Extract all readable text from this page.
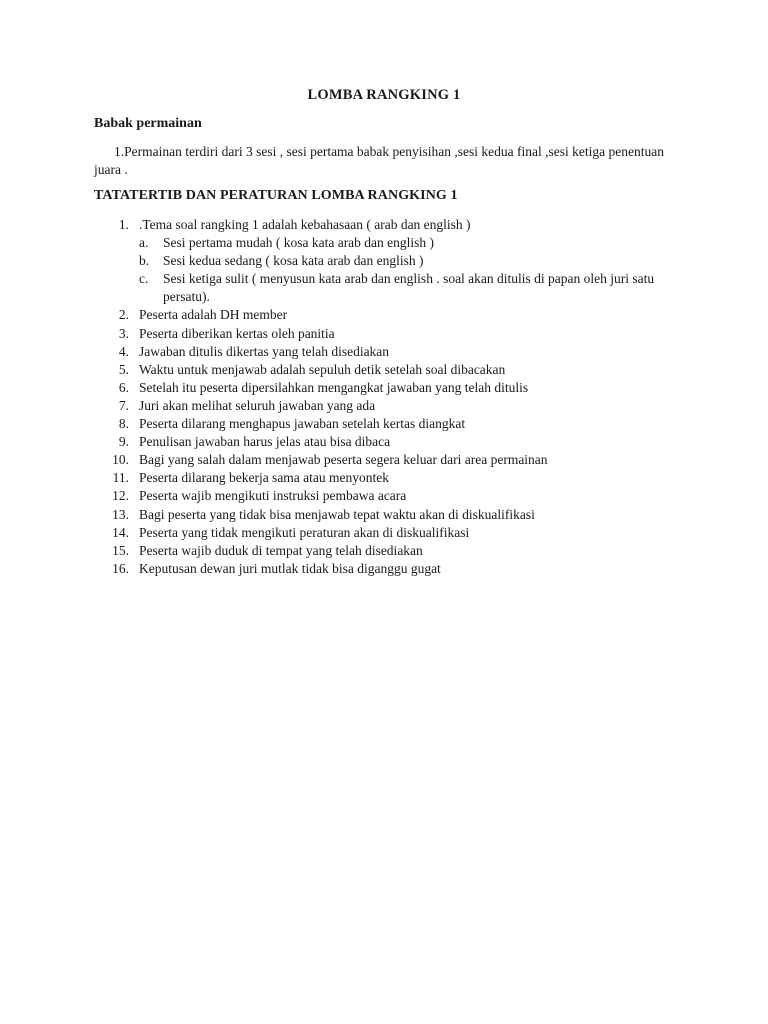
LOMBA RANGKING 1
Babak permainan
1.Permainan terdiri dari 3 sesi , sesi pertama babak penyisihan ,sesi kedua final ,sesi ketiga penentuan juara .
TATATERTIB DAN PERATURAN LOMBA RANGKING 1
1. .Tema soal rangking 1 adalah kebahasaan ( arab dan english )
a. Sesi pertama mudah ( kosa kata arab dan english )
b. Sesi kedua sedang ( kosa kata arab dan english )
c. Sesi ketiga sulit ( menyusun kata arab dan english . soal akan ditulis di papan oleh juri satu persatu).
2. Peserta adalah DH member
3. Peserta diberikan kertas oleh panitia
4. Jawaban ditulis dikertas yang telah disediakan
5. Waktu untuk menjawab adalah sepuluh detik setelah soal dibacakan
6. Setelah itu peserta dipersilahkan mengangkat jawaban yang telah ditulis
7. Juri akan melihat seluruh jawaban yang ada
8. Peserta dilarang menghapus jawaban setelah kertas diangkat
9. Penulisan jawaban harus jelas atau bisa dibaca
10. Bagi yang salah dalam menjawab peserta segera keluar dari area permainan
11. Peserta dilarang bekerja sama atau menyontek
12. Peserta wajib mengikuti instruksi pembawa acara
13. Bagi peserta yang tidak bisa menjawab tepat waktu akan di diskualifikasi
14. Peserta yang tidak mengikuti peraturan akan di diskualifikasi
15. Peserta wajib duduk di tempat yang telah disediakan
16. Keputusan dewan juri mutlak tidak bisa diganggu gugat
